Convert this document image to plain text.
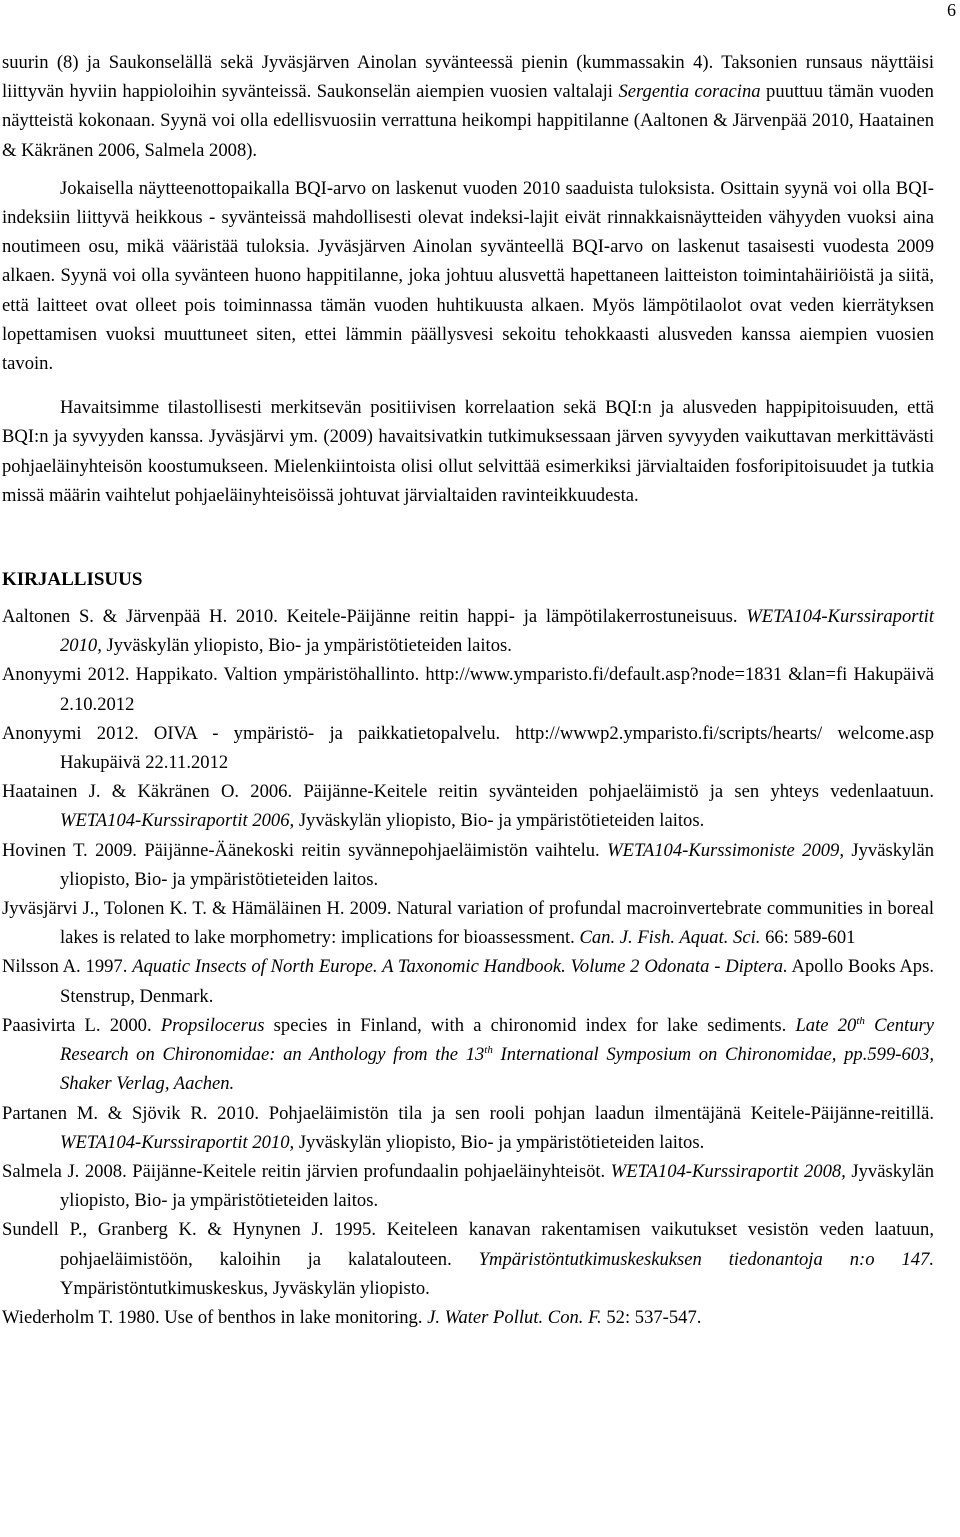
6

suurin (8) ja Saukonselällä sekä Jyväsjärven Ainolan syvänteessä pienin (kummassakin 4). Taksonien runsaus näyttäisi liittyvän hyviin happioloihin syvänteissä. Saukonselän aiempien vuosien valtalaji Sergentia coracina puuttuu tämän vuoden näytteistä kokonaan. Syynä voi olla edellisvuosiin verrattuna heikompi happitilanne (Aaltonen & Järvenpää 2010, Haatainen & Käkränen 2006, Salmela 2008).

Jokaisella näytteenottopaikalla BQI-arvo on laskenut vuoden 2010 saaduista tuloksista. Osittain syynä voi olla BQI-indeksiin liittyvä heikkous - syvänteissä mahdollisesti olevat indeksi-lajit eivät rinnakkaisnäytteiden vähyyden vuoksi aina noutimeen osu, mikä vääristää tuloksia. Jyväsjärven Ainolan syvänteellä BQI-arvo on laskenut tasaisesti vuodesta 2009 alkaen. Syynä voi olla syvänteen huono happitilanne, joka johtuu alusvettä hapettaneen laitteiston toimintahäiriöistä ja siitä, että laitteet ovat olleet pois toiminnassa tämän vuoden huhtikuusta alkaen. Myös lämpötilaolot ovat veden kierrätyksen lopettamisen vuoksi muuttuneet siten, ettei lämmin päällysvesi sekoitu tehokkaasti alusveden kanssa aiempien vuosien tavoin.

Havaitsimme tilastollisesti merkitsevän positiivisen korrelaation sekä BQI:n ja alusveden happipitoisuuden, että BQI:n ja syvyyden kanssa. Jyväsjärvi ym. (2009) havaitsivatkin tutkimuksessaan järven syvyyden vaikuttavan merkittävästi pohjaeläinyhteisön koostumukseen. Mielenkiintoista olisi ollut selvittää esimerkiksi järvialtaiden fosforipitoisuudet ja tutkia missä määrin vaihtelut pohjaeläinyhteisöissä johtuvat järvialtaiden ravinteikkuudesta.

KIRJALLISUUS

Aaltonen S. & Järvenpää H. 2010. Keitele-Päijänne reitin happi- ja lämpötilakerrostuneisuus. WETA104-Kurssiraportit 2010, Jyväskylän yliopisto, Bio- ja ympäristötieteiden laitos.

Anonyymi 2012. Happikato. Valtion ympäristöhallinto. http://www.ymparisto.fi/default.asp?node=1831 &lan=fi Hakupäivä 2.10.2012

Anonyymi 2012. OIVA - ympäristö- ja paikkatietopalvelu. http://wwwp2.ymparisto.fi/scripts/hearts/ welcome.asp Hakupäivä 22.11.2012

Haatainen J. & Käkränen O. 2006. Päijänne-Keitele reitin syvänteiden pohjaeläimistö ja sen yhteys vedenlaatuun. WETA104-Kurssiraportit 2006, Jyväskylän yliopisto, Bio- ja ympäristötieteiden laitos.

Hovinen T. 2009. Päijänne-Äänekoski reitin syvännepohjaeläimistön vaihtelu. WETA104-Kurssimoniste 2009, Jyväskylän yliopisto, Bio- ja ympäristötieteiden laitos.

Jyväsjärvi J., Tolonen K. T. & Hämäläinen H. 2009. Natural variation of profundal macroinvertebrate communities in boreal lakes is related to lake morphometry: implications for bioassessment. Can. J. Fish. Aquat. Sci. 66: 589-601

Nilsson A. 1997. Aquatic Insects of North Europe. A Taxonomic Handbook. Volume 2 Odonata - Diptera. Apollo Books Aps. Stenstrup, Denmark.

Paasivirta L. 2000. Propsilocerus species in Finland, with a chironomid index for lake sediments. Late 20th Century Research on Chironomidae: an Anthology from the 13th International Symposium on Chironomidae, pp.599-603, Shaker Verlag, Aachen.

Partanen M. & Sjövik R. 2010. Pohjaeläimistön tila ja sen rooli pohjan laadun ilmentäjänä Keitele-Päijänne-reitillä. WETA104-Kurssiraportit 2010, Jyväskylän yliopisto, Bio- ja ympäristötieteiden laitos.

Salmela J. 2008. Päijänne-Keitele reitin järvien profundaalin pohjaeläinyhteisöt. WETA104-Kurssiraportit 2008, Jyväskylän yliopisto, Bio- ja ympäristötieteiden laitos.

Sundell P., Granberg K. & Hynynen J. 1995. Keiteleen kanavan rakentamisen vaikutukset vesistön veden laatuun, pohjaeläimistöön, kaloihin ja kalatalouteen. Ympäristöntutkimuskeskuksen tiedonantoja n:o 147. Ympäristöntutkimuskeskus, Jyväskylän yliopisto.

Wiederholm T. 1980. Use of benthos in lake monitoring. J. Water Pollut. Con. F. 52: 537-547.
